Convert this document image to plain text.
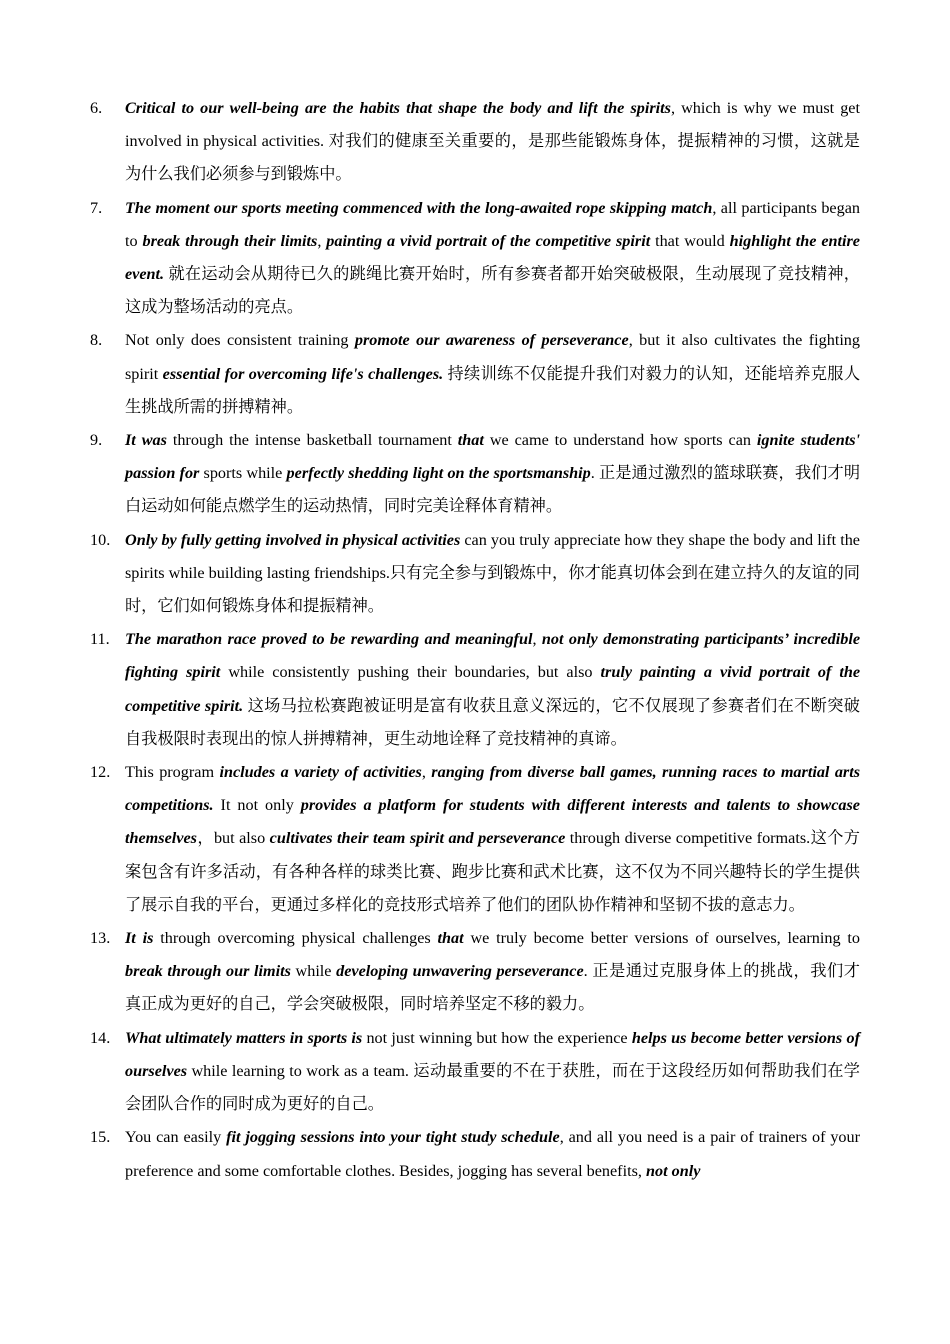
6.	Critical to our well-being are the habits that shape the body and lift the spirits, which is why we must get involved in physical activities. 对我们的健康至关重要的，是那些能锻炼身体，提振精神的习惯，这就是为什么我们必须参与到锻炼中。
7.	The moment our sports meeting commenced with the long-awaited rope skipping match, all participants began to break through their limits, painting a vivid portrait of the competitive spirit that would highlight the entire event. 就在运动会从期待已久的跳绳比赛开始时，所有参赛者都开始突破极限，生动展现了竞技精神，这成为整场活动的亮点。
8.	Not only does consistent training promote our awareness of perseverance, but it also cultivates the fighting spirit essential for overcoming life's challenges. 持续训练不仅能提升我们对毅力的认知，还能培养克服人生挑战所需的拼搏精神。
9.	It was through the intense basketball tournament that we came to understand how sports can ignite students' passion for sports while perfectly shedding light on the sportsmanship. 正是通过激烈的篮球联赛，我们才明白运动如何能点燃学生的运动热情，同时完美诠释体育精神。
10. Only by fully getting involved in physical activities can you truly appreciate how they shape the body and lift the spirits while building lasting friendships.只有完全参与到锻炼中，你才能真切体会到在建立持久的友谊的同时，它们如何锻炼身体和提振精神。
11. The marathon race proved to be rewarding and meaningful, not only demonstrating participants’ incredible fighting spirit while consistently pushing their boundaries, but also truly painting a vivid portrait of the competitive spirit. 这场马拉松赛跑被证明是富有收获且意义深远的，它不仅展现了参赛者们在不断突破自我极限时表现出的惊人拼搏精神，更生动地诠释了竞技精神的真谛。
12. This program includes a variety of activities, ranging from diverse ball games, running races to martial arts competitions. It not only provides a platform for students with different interests and talents to showcase themselves，but also cultivates their team spirit and perseverance through diverse competitive formats.这个方案包含有许多活动，有各种各样的球类比赛、跑步比赛和武术比赛，这不仅为不同兴趣特长的学生提供了展示自我的平台，更通过多样化的竞技形式培养了他们的团队协作精神和坚韧不拔的意志力。
13. It is through overcoming physical challenges that we truly become better versions of ourselves, learning to break through our limits while developing unwavering perseverance. 正是通过克服身体上的挑战，我们才真正成为更好的自己，学会突破极限，同时培养坚定不移的毅力。
14. What ultimately matters in sports is not just winning but how the experience helps us become better versions of ourselves while learning to work as a team. 运动最重要的不在于获胜，而在于这段经历如何帮助我们在学会团队合作的同时成为更好的自己。
15. You can easily fit jogging sessions into your tight study schedule, and all you need is a pair of trainers of your preference and some comfortable clothes. Besides, jogging has several benefits, not only
